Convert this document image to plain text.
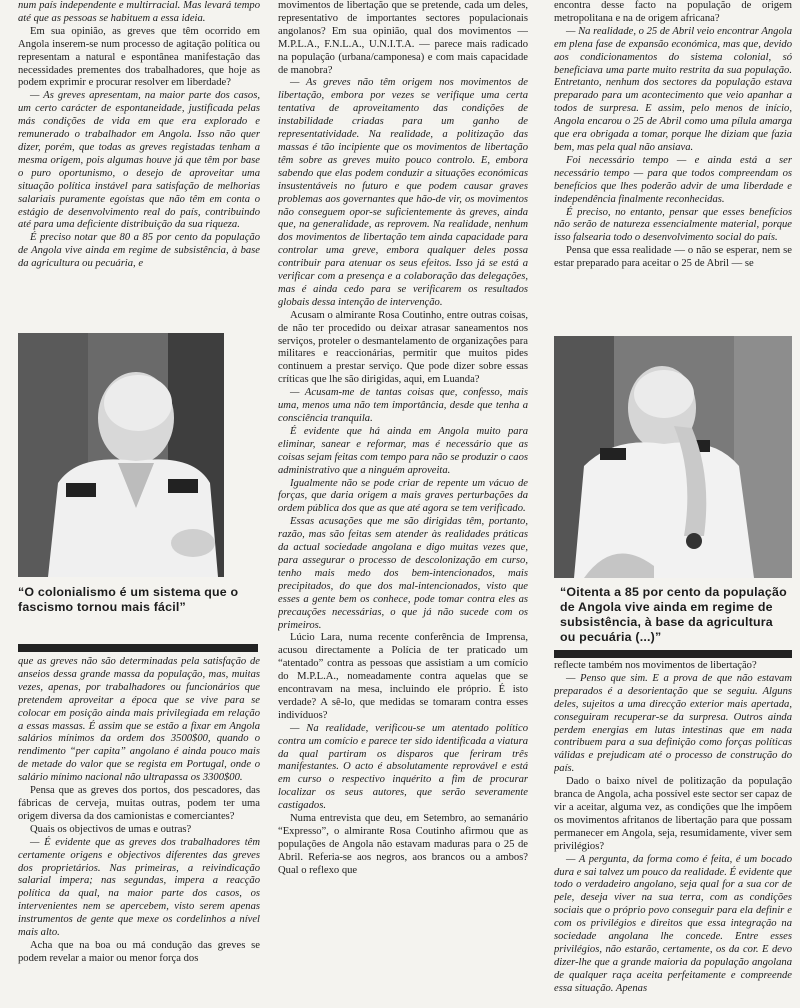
num país independente e multirracial. Mas levará tempo até que as pessoas se habituem a essa ideia.

Em sua opinião, as greves que têm ocorrido em Angola inserem-se num processo de agitação política ou representam a natural e espontânea manifestação das necessidades prementes dos trabalhadores, que hoje as podem exprimir e procurar resolver em liberdade?

— As greves apresentam, na maior parte dos casos, um certo carácter de espontaneidade, justificada pelas más condições de vida em que era explorado e remunerado o trabalhador em Angola. Isso não quer dizer, porém, que todas as greves registadas tenham a mesma origem, pois algumas houve já que têm por base o puro oportunismo, o desejo de aproveitar uma situação política instável para satisfação de melhorias salariais puramente egoístas que não têm em conta o estágio de desenvolvimento real do país, contribuindo até para uma deficiente distribuição da sua riqueza.

É preciso notar que 80 a 85 por cento da população de Angola vive ainda em regime de subsistência, à base da agricultura ou pecuária, e

“O colonialismo é um sistema que o fascismo tornou mais fácil”

que as greves não são determinadas pela satisfação de anseios dessa grande massa da população, mas, muitas vezes, apenas, por trabalhadores ou funcionários que pretendem aproveitar a época que se vive para se colocar em posição ainda mais privilegiada em relação a essas massas. É assim que se estão a fixar em Angola salários mínimos da ordem dos 3500$00, quando o rendimento “per capita” angolano é ainda pouco mais de metade do valor que se regista em Portugal, onde o salário mínimo nacional não ultrapassa os 3300$00.

Pensa que as greves dos portos, dos pescadores, das fábricas de cerveja, muitas outras, podem ter uma origem diversa da dos camionistas e comerciantes?

Quais os objectivos de umas e outras?

— É evidente que as greves dos trabalhadores têm certamente origens e objectivos diferentes das greves dos proprietários. Nas primeiras, a reivindicação salarial impera; nas segundas, impera a reacção política da qual, na maior parte dos casos, os intervenientes nem se apercebem, visto serem apenas instrumentos de gente que mexe os cordelinhos a nível mais alto.

Acha que na boa ou má condução das greves se podem revelar a maior ou menor força dos

movimentos de libertação que se pretende, cada um deles, representativo de importantes sectores populacionais angolanos? Em sua opinião, qual dos movimentos — M.P.L.A., F.N.L.A., U.N.I.T.A. — parece mais radicado na população (urbana/camponesa) e com mais capacidade de manobra?

— As greves não têm origem nos movimentos de libertação, embora por vezes se verifique uma certa tentativa de aproveitamento das condições de instabilidade criadas para um ganho de representatividade. Na realidade, a politização das massas é tão incipiente que os movimentos de libertação têm sobre as greves muito pouco controlo. E, embora sabendo que elas podem conduzir a situações económicas insustentáveis no futuro e que podem causar graves problemas aos governantes que hão-de vir, os movimentos não conseguem opor-se suficientemente às greves, ainda que, na generalidade, as reprovem. Na realidade, nenhum dos movimentos de libertação tem ainda capacidade para controlar uma greve, embora qualquer deles possa contribuir para atenuar os seus efeitos. Isso já se está a verificar com a presença e a colaboração das delegações, mas é ainda cedo para se verificarem os resultados globais dessa intenção de intervenção.

Acusam o almirante Rosa Coutinho, entre outras coisas, de não ter procedido ou deixar atrasar saneamentos nos serviços, proteler o desmantelamento de organizações para militares e reaccionárias, permitir que muitos pides continuem a prestar serviço. Que pode dizer sobre essas críticas que lhe são dirigidas, aqui, em Luanda?

— Acusam-me de tantas coisas que, confesso, mais uma, menos uma não tem importância, desde que tenha a consciência tranquila.

É evidente que há ainda em Angola muito para eliminar, sanear e reformar, mas é necessário que as coisas sejam feitas com tempo para não se produzir o caos administrativo que a ninguém aproveita.

Igualmente não se pode criar de repente um vácuo de forças, que daria origem a mais graves perturbações da ordem pública dos que as que até agora se tem verificado.

Essas acusações que me são dirigidas têm, portanto, razão, mas são feitas sem atender às realidades práticas da actual sociedade angolana e digo muitas vezes que, para assegurar o processo de descolonização em curso, tenho mais medo dos bem-intencionados, mais precipitados, do que dos mal-intencionados, visto que esses a gente bem os conhece, pode tomar contra eles as precauções necessárias, o que já não sucede com os primeiros.

Lúcio Lara, numa recente conferência de Imprensa, acusou directamente a Polícia de ter praticado um “atentado” contra as pessoas que assistiam a um comício do M.P.L.A., nomeadamente contra aquelas que se encontravam na mesa, incluindo ele próprio. É isto verdade? A sê-lo, que medidas se tomaram contra esses indivíduos?

— Na realidade, verificou-se um atentado político contra um comício e parece ter sido identificada a viatura da qual partiram os disparos que feriram três manifestantes. O acto é absolutamente reprovável e está em curso o respectivo inquérito a fim de procurar localizar os seus autores, que serão severamente castigados.

Numa entrevista que deu, em Setembro, ao semanário “Expresso”, o almirante Rosa Coutinho afirmou que as populações de Angola não estavam maduras para o 25 de Abril. Referia-se aos negros, aos brancos ou a ambos? Qual o reflexo que

encontra desse facto na população de origem metropolitana e na de origem africana?

— Na realidade, o 25 de Abril veio encontrar Angola em plena fase de expansão económica, mas que, devido aos condicionamentos do sistema colonial, só beneficiava uma parte muito restrita da sua população. Entretanto, nenhum dos sectores da população estava preparado para um acontecimento que veio apanhar a todos de surpresa. E assim, pelo menos de início, Angola encarou o 25 de Abril como uma pílula amarga que era obrigada a tomar, porque lhe diziam que fazia bem, mas pela qual não ansiava.

Foi necessário tempo — e ainda está a ser necessário tempo — para que todos compreendam os benefícios que lhes poderão advir de uma liberdade e independência finalmente reconhecidas.

É preciso, no entanto, pensar que esses benefícios não serão de natureza essencialmente material, porque isso falsearia todo o desenvolvimento social do país.

Pensa que essa realidade — o não se esperar, nem se estar preparado para aceitar o 25 de Abril — se

“Oitenta a 85 por cento da população de Angola vive ainda em regime de subsistência, à base da agricultura ou pecuária (...)”

reflecte também nos movimentos de libertação?

— Penso que sim. E a prova de que não estavam preparados é a desorientação que se seguiu. Alguns deles, sujeitos a uma direcção exterior mais apertada, conseguiram recuperar-se da surpresa. Outros ainda perdem energias em lutas intestinas que em nada contribuem para a sua definição como forças políticas válidas e prejudicam até o processo de construção do país.

Dado o baixo nível de politização da população branca de Angola, acha possível este sector ser capaz de vir a aceitar, alguma vez, as condições que lhe impõem os movimentos afritanos de libertação para que possam permanecer em Angola, seja, resumidamente, viver sem privilégios?

— A pergunta, da forma como é feita, é um bocado dura e sai talvez um pouco da realidade. É evidente que todo o verdadeiro angolano, seja qual for a sua cor de pele, deseja viver na sua terra, com as condições sociais que o próprio povo conseguir para ela definir e com os privilégios e direitos que essa integração na sociedade angolana lhe concede. Entre esses privilégios, não estarão, certamente, os da cor. E devo dizer-lhe que a grande maioria da população angolana de qualquer raça aceita perfeitamente e compreende essa situação. Apenas
